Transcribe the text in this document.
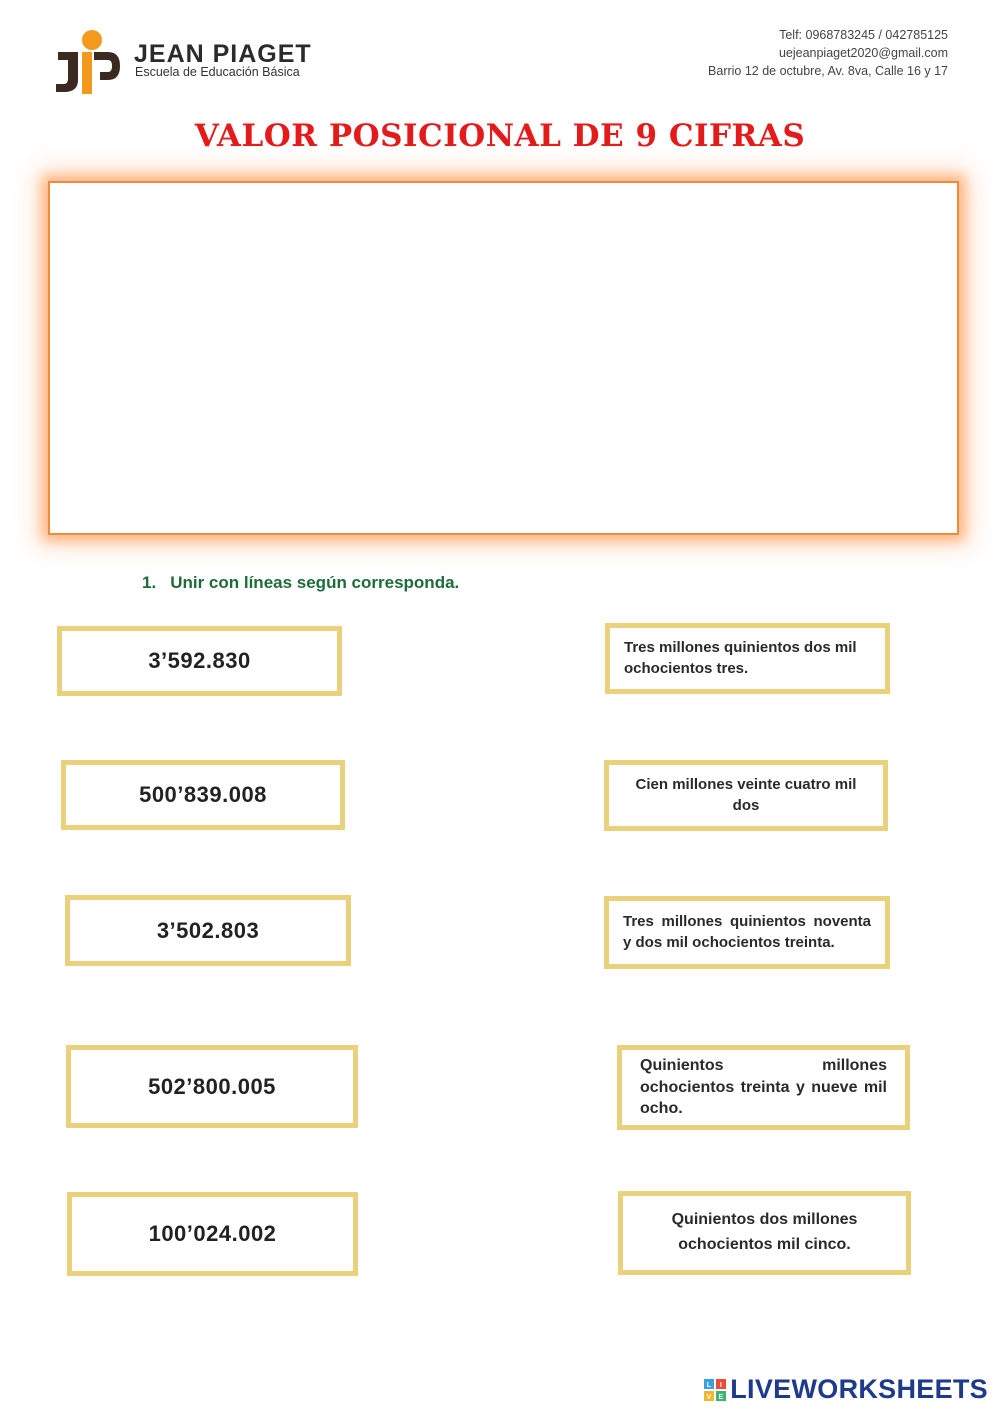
JEAN PIAGET
Escuela de Educación Básica
Telf: 0968783245 / 042785125
uejeanpiaget2020@gmail.com
Barrio 12 de octubre, Av. 8va, Calle 16 y 17
VALOR POSICIONAL DE 9 CIFRAS
1. Unir con líneas según corresponda.
3’592.830
500’839.008
3’502.803
502’800.005
100’024.002
Tres millones quinientos dos mil ochocientos tres.
Cien millones veinte cuatro mil dos
Tres millones quinientos noventa y dos mil ochocientos treinta.
Quinientos millones ochocientos treinta y nueve mil ocho.
Quinientos dos millones ochocientos mil cinco.
L I
V E LIVEWORKSHEETS
